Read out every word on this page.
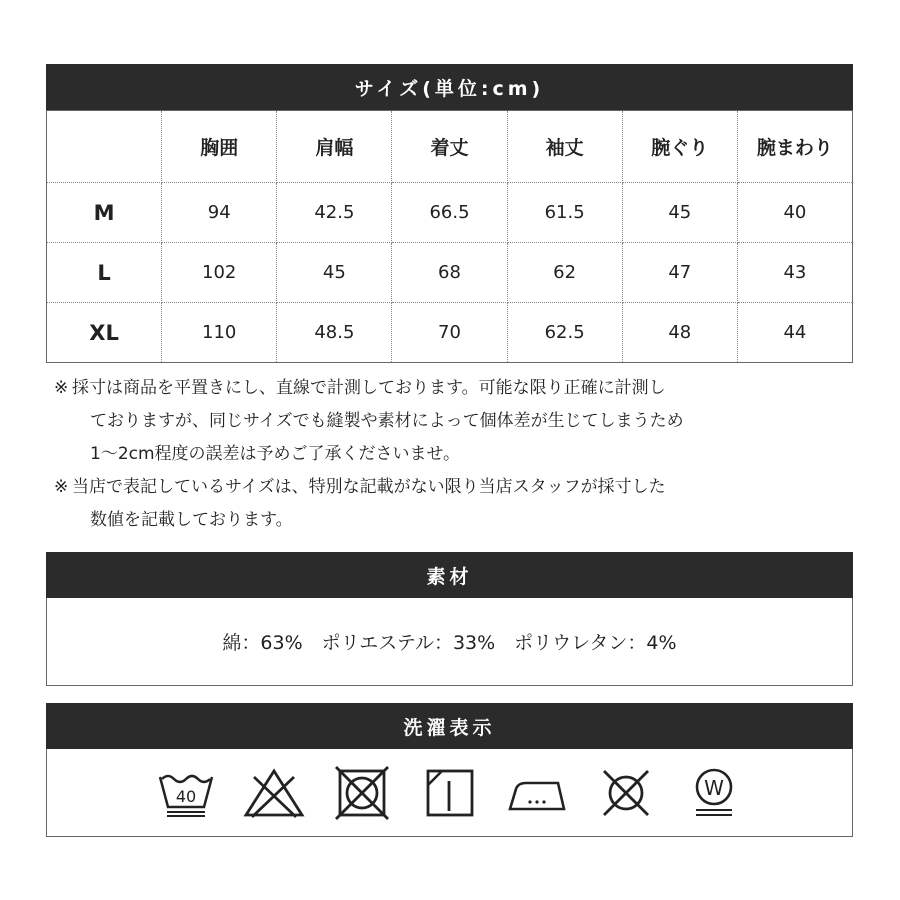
サイズ(単位:cm)
	胸囲	肩幅	着丈	袖丈	腕ぐり	腕まわり
M	94	42.5	66.5	61.5	45	40
L	102	45	68	62	47	43
XL	110	48.5	70	62.5	48	44
※ 採寸は商品を平置きにし、直線で計測しております。可能な限り正確に計測し
ておりますが、同じサイズでも縫製や素材によって個体差が生じてしまうため
1～2cm程度の誤差は予めご了承くださいませ。
※ 当店で表記しているサイズは、特別な記載がない限り当店スタッフが採寸した
数値を記載しております。
素材
綿：63%　ポリエステル：33%　ポリウレタン：4%
洗濯表示
40	W
